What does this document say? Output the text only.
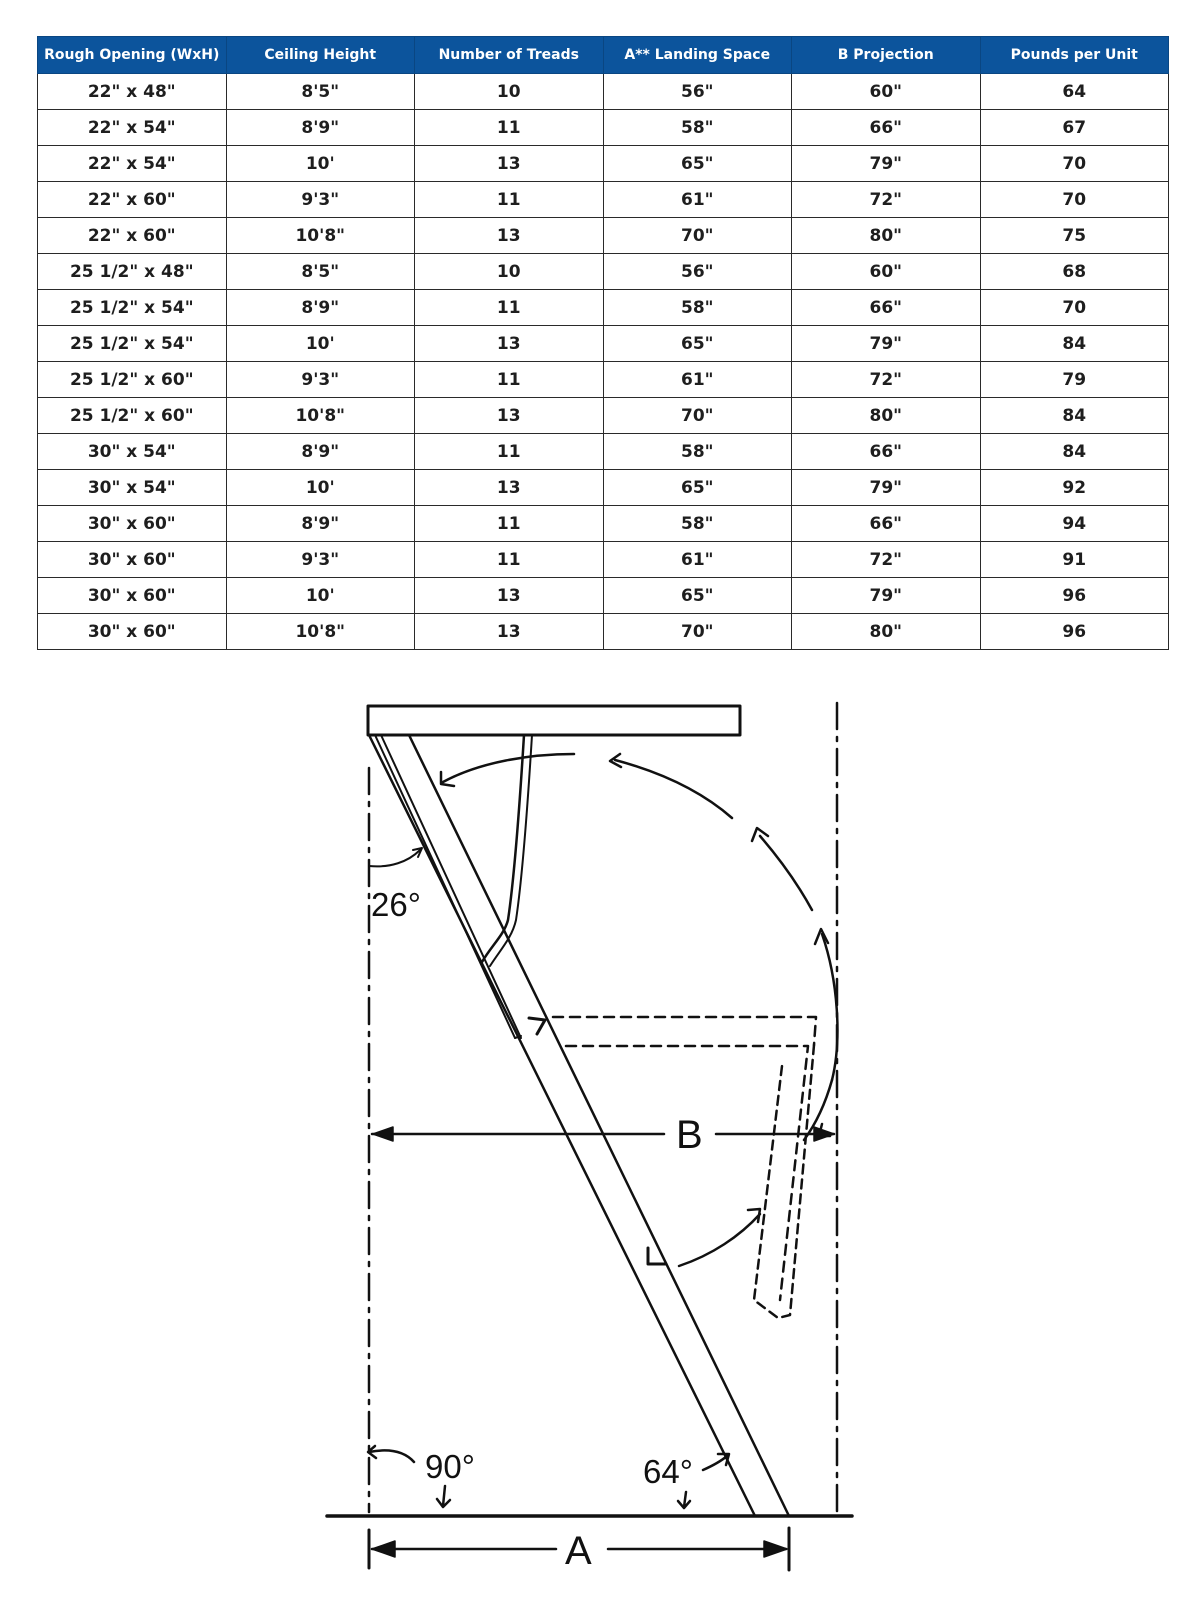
Rough Opening (WxH)	Ceiling Height	Number of Treads	A** Landing Space	B Projection	Pounds per Unit
22" x 48"	8'5"	10	56"	60"	64
22" x 54"	8'9"	11	58"	66"	67
22" x 54"	10'	13	65"	79"	70
22" x 60"	9'3"	11	61"	72"	70
22" x 60"	10'8"	13	70"	80"	75
25 1/2" x 48"	8'5"	10	56"	60"	68
25 1/2" x 54"	8'9"	11	58"	66"	70
25 1/2" x 54"	10'	13	65"	79"	84
25 1/2" x 60"	9'3"	11	61"	72"	79
25 1/2" x 60"	10'8"	13	70"	80"	84
30" x 54"	8'9"	11	58"	66"	84
30" x 54"	10'	13	65"	79"	92
30" x 60"	8'9"	11	58"	66"	94
30" x 60"	9'3"	11	61"	72"	91
30" x 60"	10'	13	65"	79"	96
30" x 60"	10'8"	13	70"	80"	96
26°
90°	64°
B
A
